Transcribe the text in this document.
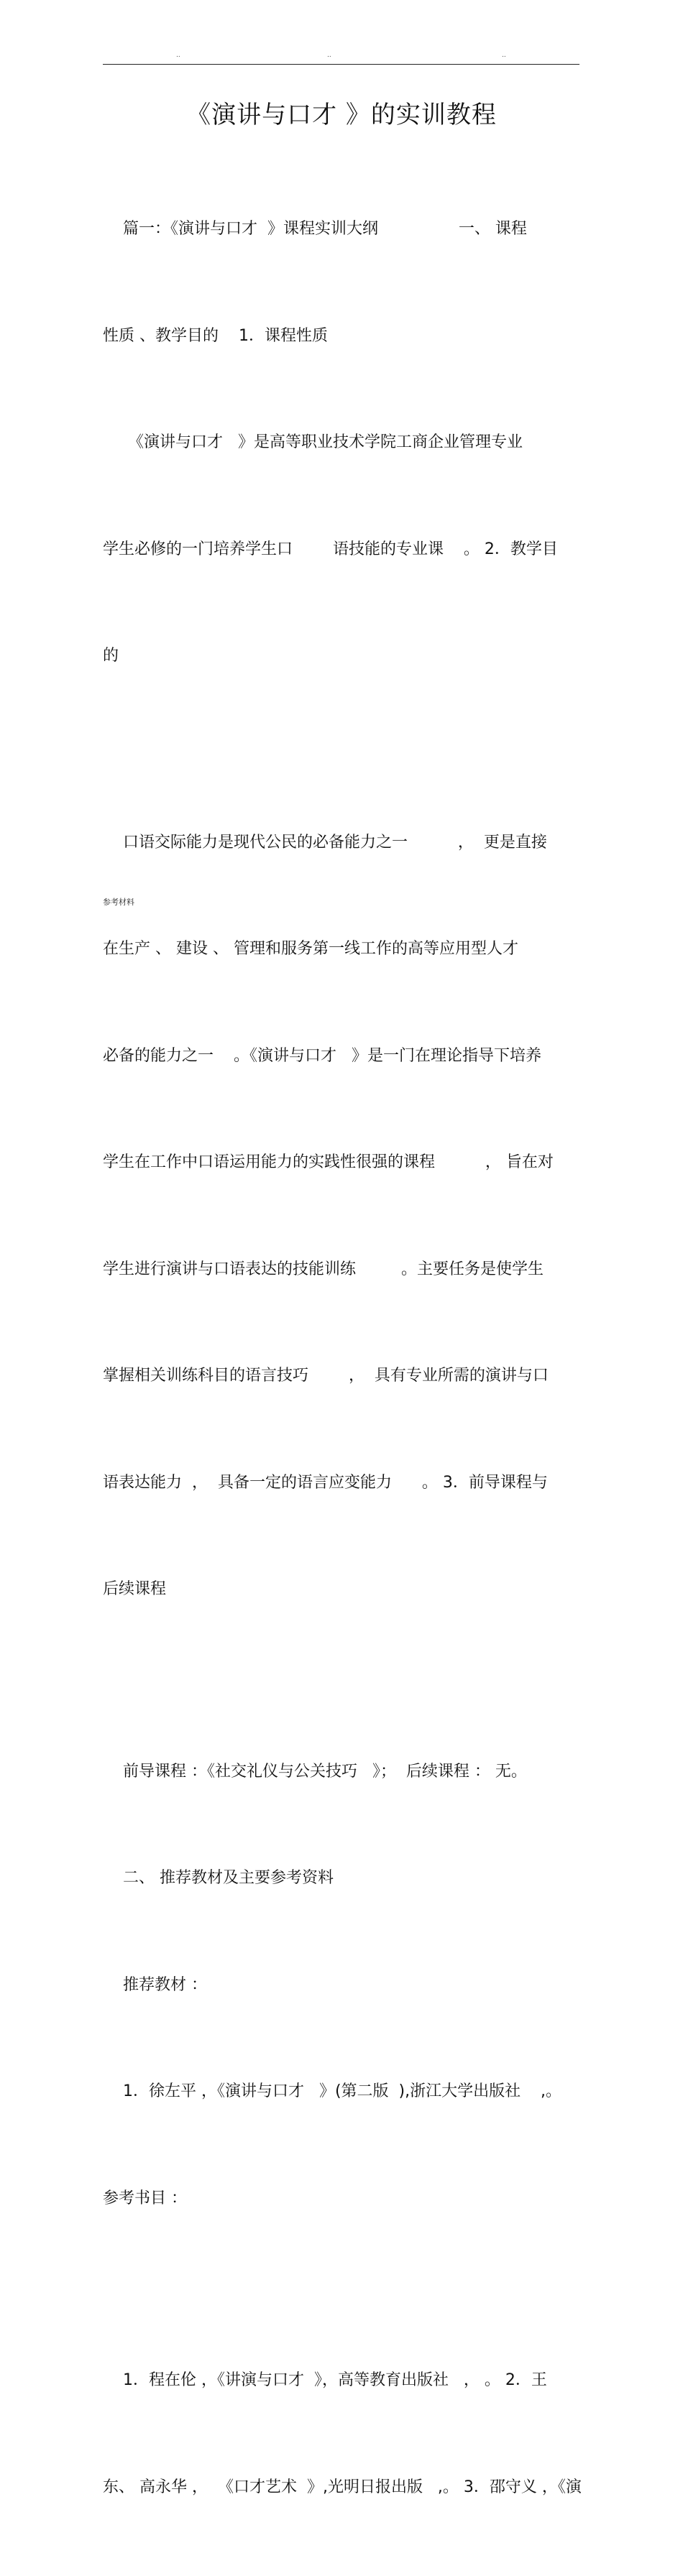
..	..	..
《演讲与口才 》的实训教程

篇一：《演讲与口才  》课程实训大纲                一、 课程

性质 、教学目的    1．课程性质

《演讲与口才   》是高等职业技术学院工商企业管理专业

学生必修的一门培养学生口        语技能的专业课    。 2．教学目

的

口语交际能力是现代公民的必备能力之一          ，  更是直接

在生产 、 建设 、 管理和服务第一线工作的高等应用型人才

必备的能力之一    。《演讲与口才   》是一门在理论指导下培养

学生在工作中口语运用能力的实践性很强的课程          ， 旨在对

学生进行演讲与口语表达的技能训练         。主要任务是使学生

掌握相关训练科目的语言技巧        ，  具有专业所需的演讲与口

语表达能力  ，  具备一定的语言应变能力      。 3．前导课程与

后续课程

前导课程 ：《社交礼仪与公关技巧   》；  后续课程 ： 无。

二、 推荐教材及主要参考资料

推荐教材 ：

1．徐左平 ，《演讲与口才   》(第二版  ),浙江大学出版社    ,。

参考书目 ：

1．程在伦 ，《讲演与口才  》，高等教育出版社   ， 。 2．王

东、 高永华 ，  《口才艺术  》,光明日报出版   ,。 3．邵守义 ，《演

参考材料
